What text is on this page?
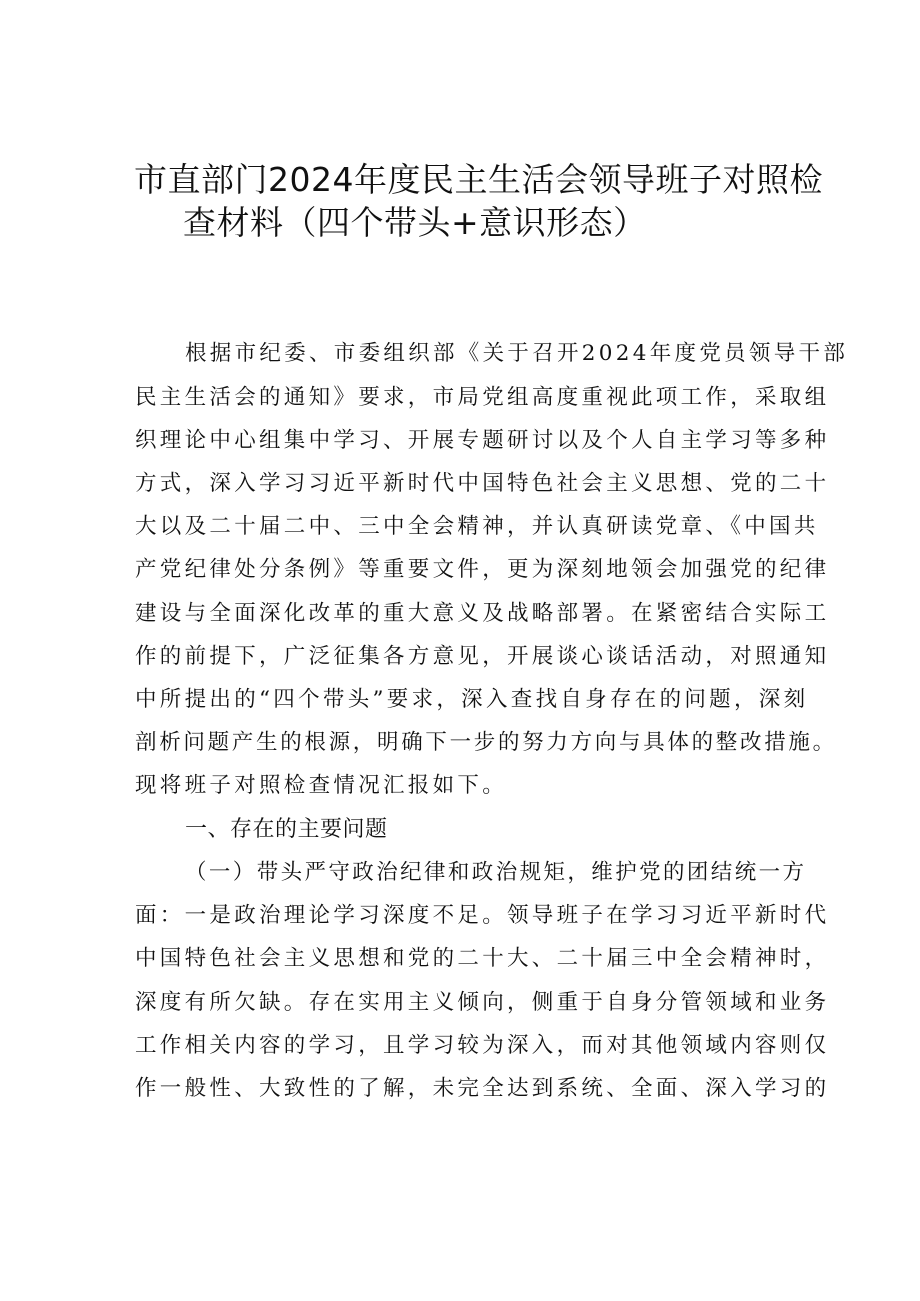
市直部门2024年度民主生活会领导班子对照检
查材料（四个带头+意识形态）
根据市纪委、市委组织部《关于召开2024年度党员领导干部
民主生活会的通知》要求，市局党组高度重视此项工作，采取组
织理论中心组集中学习、开展专题研讨以及个人自主学习等多种
方式，深入学习习近平新时代中国特色社会主义思想、党的二十
大以及二十届二中、三中全会精神，并认真研读党章、《中国共
产党纪律处分条例》等重要文件，更为深刻地领会加强党的纪律
建设与全面深化改革的重大意义及战略部署。在紧密结合实际工
作的前提下，广泛征集各方意见，开展谈心谈话活动，对照通知
中所提出的“四个带头”要求，深入查找自身存在的问题，深刻
剖析问题产生的根源，明确下一步的努力方向与具体的整改措施。
现将班子对照检查情况汇报如下。
一、存在的主要问题
（一）带头严守政治纪律和政治规矩，维护党的团结统一方
面：一是政治理论学习深度不足。领导班子在学习习近平新时代
中国特色社会主义思想和党的二十大、二十届三中全会精神时，
深度有所欠缺。存在实用主义倾向，侧重于自身分管领域和业务
工作相关内容的学习，且学习较为深入，而对其他领域内容则仅
作一般性、大致性的了解，未完全达到系统、全面、深入学习的
